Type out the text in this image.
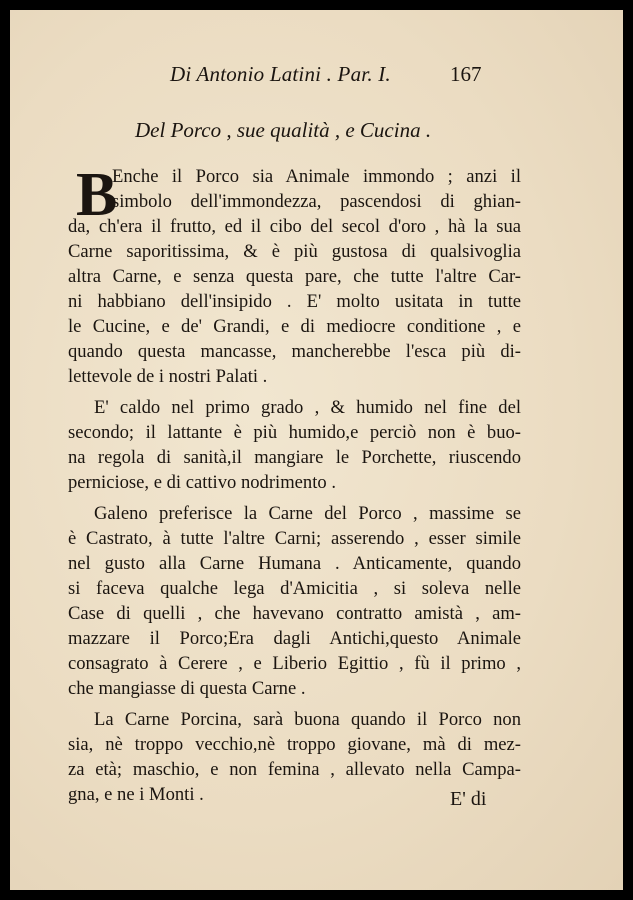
Di Antonio Latini . Par. I.	167
Del Porco , sue qualità , e Cucina .
B
Enche il Porco sia Animale immondo ; anzi il
simbolo dell'immondezza, pascendosi di ghian-
da, ch'era il frutto, ed il cibo del secol d'oro , hà la sua
Carne saporitissima, & è più gustosa di qualsivoglia
altra Carne, e senza questa pare, che tutte l'altre Car-
ni habbiano dell'insipido . E' molto usitata in tutte
le Cucine, e de' Grandi, e di mediocre conditione , e
quando questa mancasse, mancherebbe l'esca più di-
lettevole de i nostri Palati .
E' caldo nel primo grado , & humido nel fine del
secondo; il lattante è più humido,e perciò non è buo-
na regola di sanità,il mangiare le Porchette, riuscendo
perniciose, e di cattivo nodrimento .
Galeno preferisce la Carne del Porco , massime se
è Castrato, à tutte l'altre Carni; asserendo , esser simile
nel gusto alla Carne Humana . Anticamente, quando
si faceva qualche lega d'Amicitia , si soleva nelle
Case di quelli , che havevano contratto amistà , am-
mazzare il Porco;Era dagli Antichi,questo Animale
consagrato à Cerere , e Liberio Egittio , fù il primo ,
che mangiasse di questa Carne .
La Carne Porcina, sarà buona quando il Porco non
sia, nè troppo vecchio,nè troppo giovane, mà di mez-
za età; maschio, e non femina , allevato nella Campa-
gna, e ne i Monti .	E' di
